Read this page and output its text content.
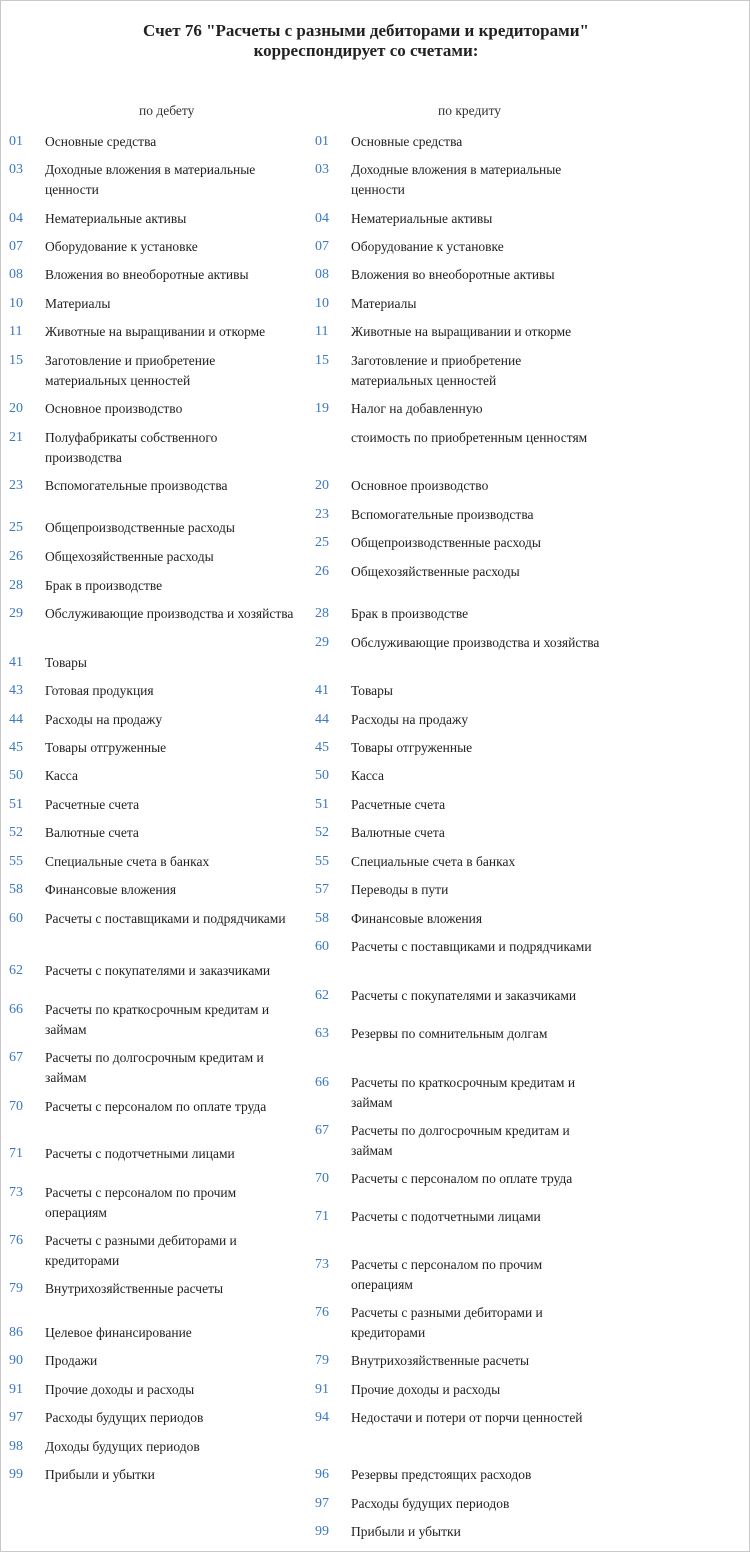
Счет 76 "Расчеты с разными дебиторами и кредиторами"
корреспондирует со счетами:
по дебету	по кредиту
01 Основные средства
03 Доходные вложения в материальные ценности
04 Нематериальные активы
07 Оборудование к установке
08 Вложения во внеоборотные активы
10 Материалы
11 Животные на выращивании и откорме
15 Заготовление и приобретение материальных ценностей
20 Основное производство
21 Полуфабрикаты собственного производства
23 Вспомогательные производства
25 Общепроизводственные расходы
26 Общехозяйственные расходы
28 Брак в производстве
29 Обслуживающие производства и хозяйства
41 Товары
43 Готовая продукция
44 Расходы на продажу
45 Товары отгруженные
50 Касса
51 Расчетные счета
52 Валютные счета
55 Специальные счета в банках
58 Финансовые вложения
60 Расчеты с поставщиками и подрядчиками
62 Расчеты с покупателями и заказчиками
66 Расчеты по краткосрочным кредитам и займам
67 Расчеты по долгосрочным кредитам и займам
70 Расчеты с персоналом по оплате труда
71 Расчеты с подотчетными лицами
73 Расчеты с персоналом по прочим операциям
76 Расчеты с разными дебиторами и кредиторами
79 Внутрихозяйственные расчеты
86 Целевое финансирование
90 Продажи
91 Прочие доходы и расходы
97 Расходы будущих периодов
98 Доходы будущих периодов
99 Прибыли и убытки
01 Основные средства
03 Доходные вложения в материальные ценности
04 Нематериальные активы
07 Оборудование к установке
08 Вложения во внеоборотные активы
10 Материалы
11 Животные на выращивании и откорме
15 Заготовление и приобретение материальных ценностей
19 Налог на добавленную
стоимость по приобретенным ценностям
20 Основное производство
23 Вспомогательные производства
25 Общепроизводственные расходы
26 Общехозяйственные расходы
28 Брак в производстве
29 Обслуживающие производства и хозяйства
41 Товары
44 Расходы на продажу
45 Товары отгруженные
50 Касса
51 Расчетные счета
52 Валютные счета
55 Специальные счета в банках
57 Переводы в пути
58 Финансовые вложения
60 Расчеты с поставщиками и подрядчиками
62 Расчеты с покупателями и заказчиками
63 Резервы по сомнительным долгам
66 Расчеты по краткосрочным кредитам и займам
67 Расчеты по долгосрочным кредитам и займам
70 Расчеты с персоналом по оплате труда
71 Расчеты с подотчетными лицами
73 Расчеты с персоналом по прочим операциям
76 Расчеты с разными дебиторами и кредиторами
79 Внутрихозяйственные расчеты
91 Прочие доходы и расходы
94 Недостачи и потери от порчи ценностей
96 Резервы предстоящих расходов
97 Расходы будущих периодов
99 Прибыли и убытки
